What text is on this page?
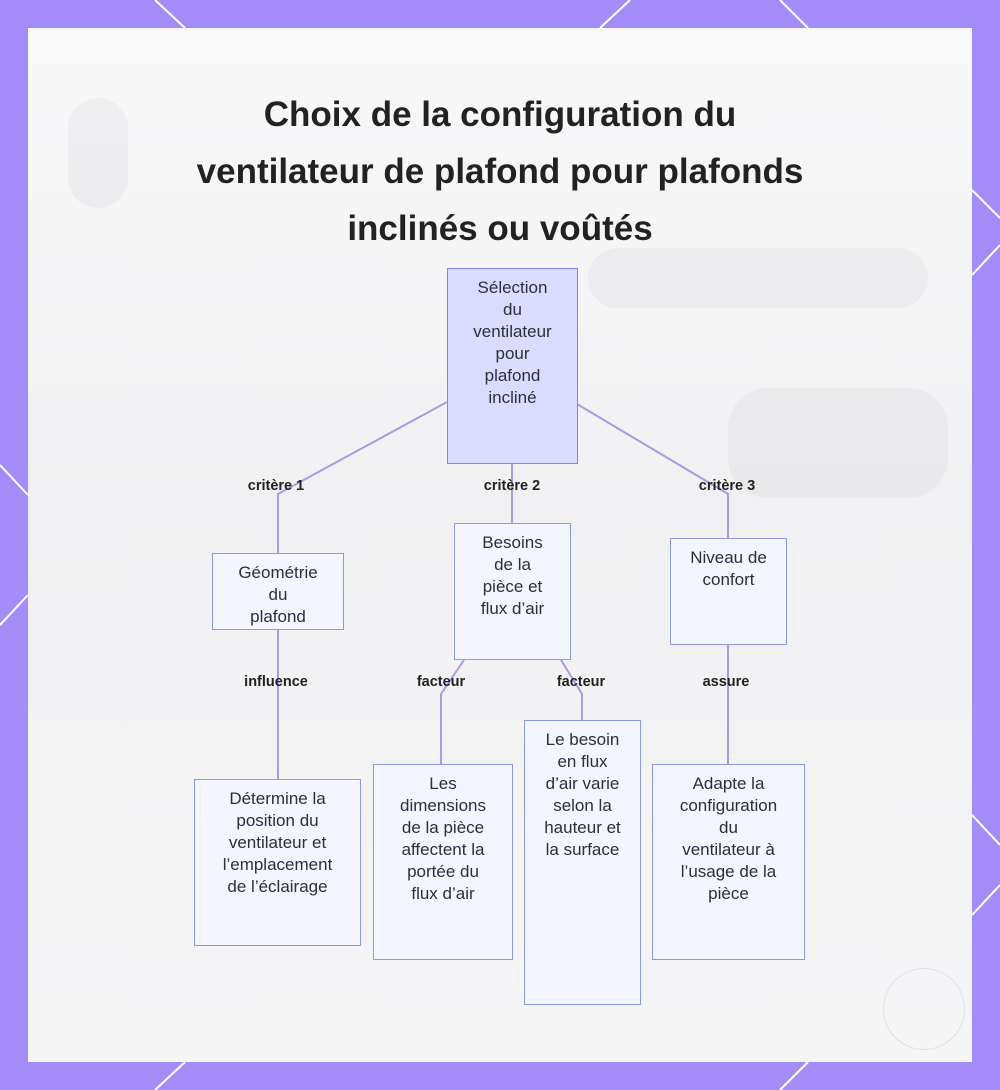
Choix de la configuration du
ventilateur de plafond pour plafonds
inclinés ou voûtés
Sélection
du
ventilateur
pour
plafond
incliné
Géométrie
du
plafond
Besoins
de la
pièce et
flux d’air
Niveau de
confort
Détermine la
position du
ventilateur et
l’emplacement
de l’éclairage
Les
dimensions
de la pièce
affectent la
portée du
flux d’air
Le besoin
en flux
d’air varie
selon la
hauteur et
la surface
Adapte la
configuration
du
ventilateur à
l’usage de la
pièce
critère 1	critère 2	critère 3
influence	facteur	facteur	assure
